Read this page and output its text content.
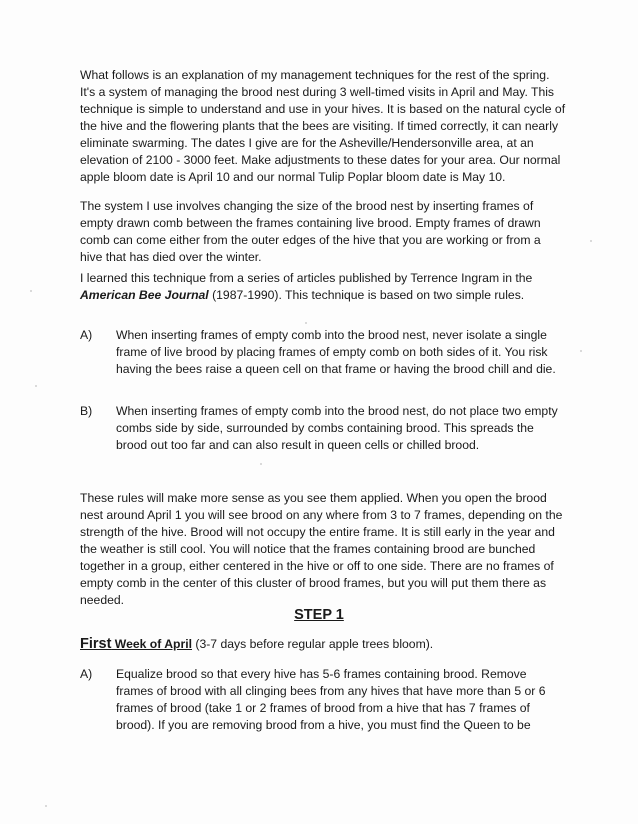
What follows is an explanation of my management techniques for the rest of the spring. It's a system of managing the brood nest during 3 well-timed visits in April and May. This technique is simple to understand and use in your hives. It is based on the natural cycle of the hive and the flowering plants that the bees are visiting. If timed correctly, it can nearly eliminate swarming. The dates I give are for the Asheville/Hendersonville area, at an elevation of 2100 - 3000 feet. Make adjustments to these dates for your area. Our normal apple bloom date is April 10 and our normal Tulip Poplar bloom date is May 10.

The system I use involves changing the size of the brood nest by inserting frames of empty drawn comb between the frames containing live brood. Empty frames of drawn comb can come either from the outer edges of the hive that you are working or from a hive that has died over the winter.

I learned this technique from a series of articles published by Terrence Ingram in the American Bee Journal (1987-1990). This technique is based on two simple rules.

A) When inserting frames of empty comb into the brood nest, never isolate a single frame of live brood by placing frames of empty comb on both sides of it. You risk having the bees raise a queen cell on that frame or having the brood chill and die.
B) When inserting frames of empty comb into the brood nest, do not place two empty combs side by side, surrounded by combs containing brood. This spreads the brood out too far and can also result in queen cells or chilled brood.

These rules will make more sense as you see them applied. When you open the brood nest around April 1 you will see brood on any where from 3 to 7 frames, depending on the strength of the hive. Brood will not occupy the entire frame. It is still early in the year and the weather is still cool. You will notice that the frames containing brood are bunched together in a group, either centered in the hive or off to one side. There are no frames of empty comb in the center of this cluster of brood frames, but you will put them there as needed.

STEP 1
First Week of April (3-7 days before regular apple trees bloom).
A) Equalize brood so that every hive has 5-6 frames containing brood. Remove frames of brood with all clinging bees from any hives that have more than 5 or 6 frames of brood (take 1 or 2 frames of brood from a hive that has 7 frames of brood). If you are removing brood from a hive, you must find the Queen to be
